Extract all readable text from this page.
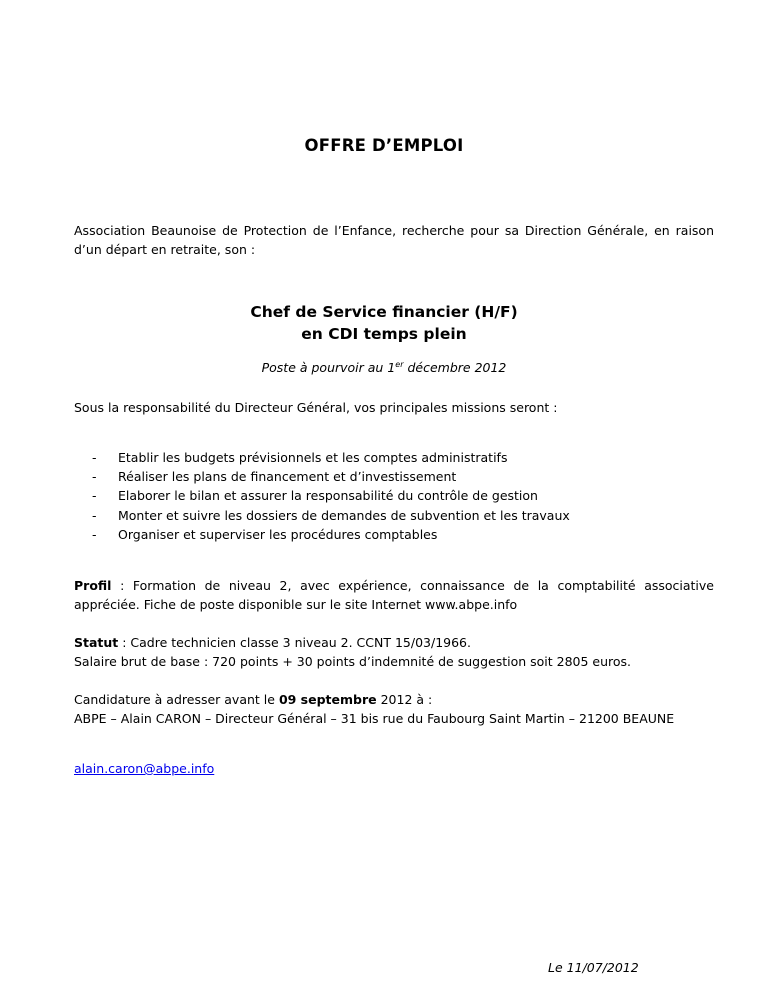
OFFRE D’EMPLOI
Association Beaunoise de Protection de l’Enfance, recherche pour sa Direction Générale, en raison d’un départ en retraite, son :
Chef de Service financier (H/F)
en CDI temps plein
Poste à pourvoir au 1er décembre 2012
Sous la responsabilité du Directeur Général, vos principales missions seront :
- Etablir les budgets prévisionnels et les comptes administratifs
- Réaliser les plans de financement et d’investissement
- Elaborer le bilan et assurer la responsabilité du contrôle de gestion
- Monter et suivre les dossiers de demandes de subvention et les travaux
- Organiser et superviser les procédures comptables
Profil : Formation de niveau 2, avec expérience, connaissance de la comptabilité associative appréciée. Fiche de poste disponible sur le site Internet www.abpe.info
Statut : Cadre technicien classe 3 niveau 2. CCNT 15/03/1966.
Salaire brut de base : 720 points + 30 points d’indemnité de suggestion soit 2805 euros.
Candidature à adresser avant le 09 septembre 2012 à :
ABPE – Alain CARON – Directeur Général – 31 bis rue du Faubourg Saint Martin – 21200 BEAUNE
alain.caron@abpe.info
Le 11/07/2012
